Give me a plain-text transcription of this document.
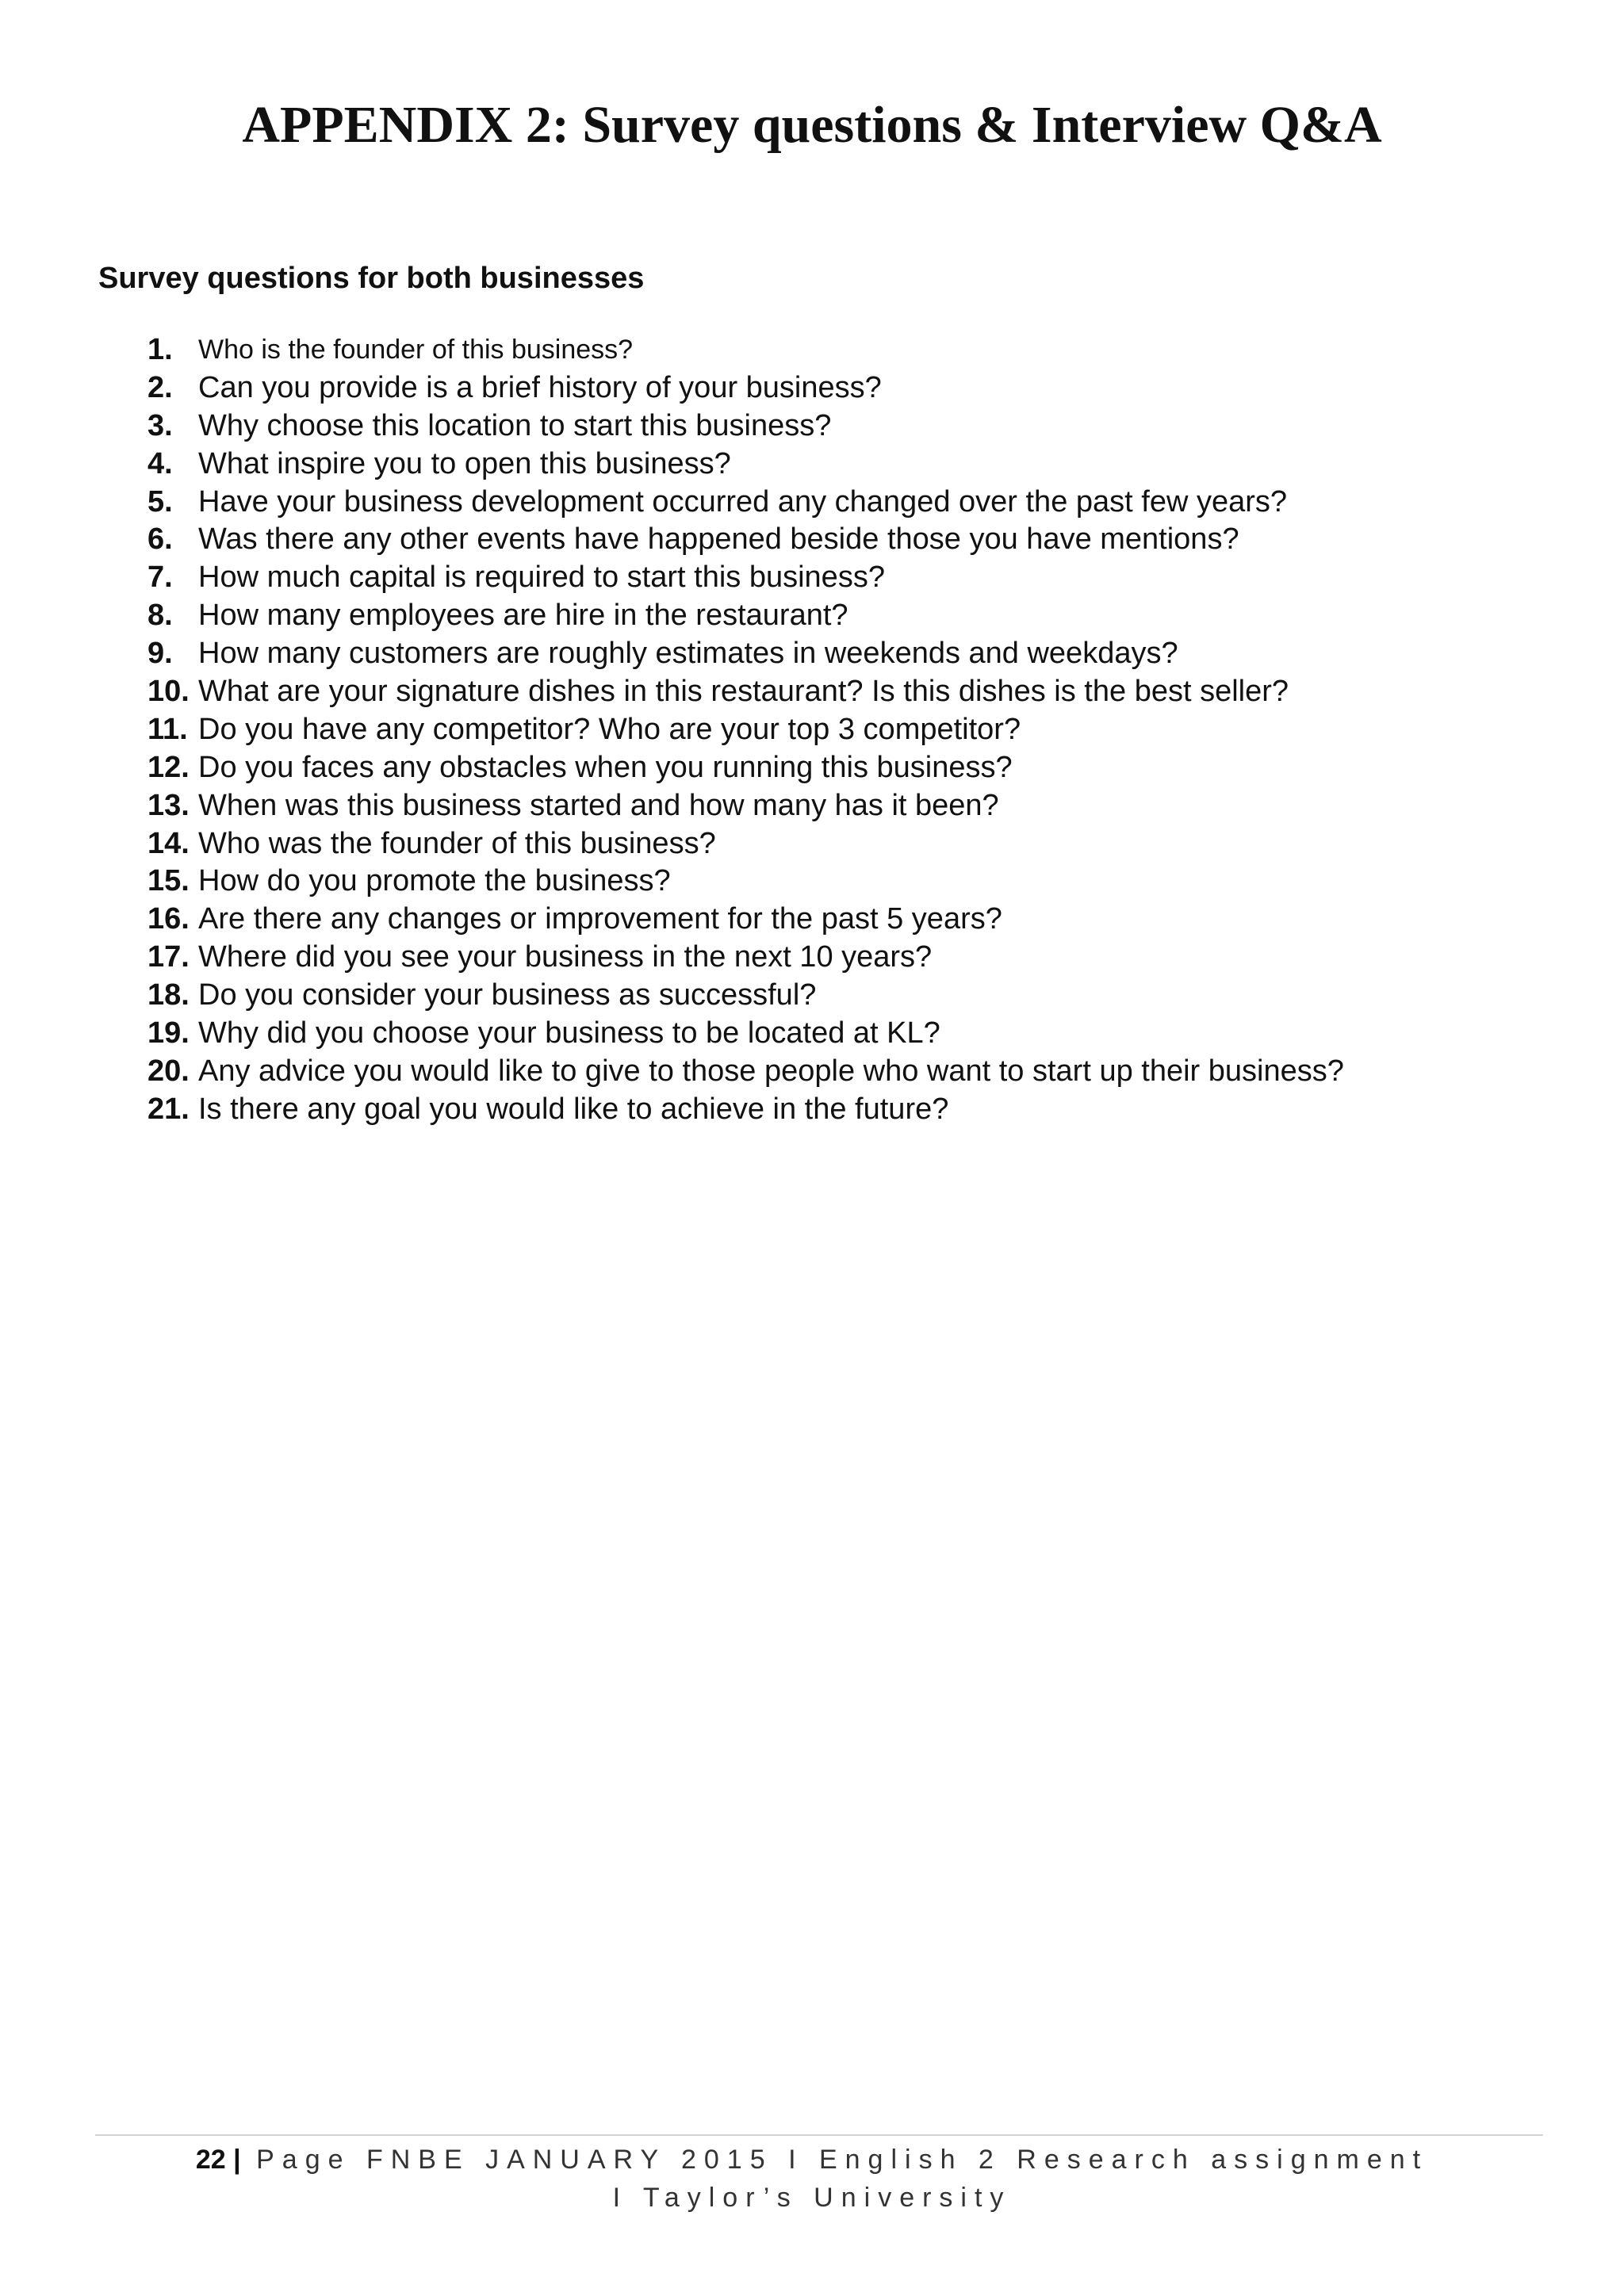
APPENDIX 2: Survey questions & Interview Q&A
Survey questions for both businesses
1. Who is the founder of this business?
2. Can you provide is a brief history of your business?
3. Why choose this location to start this business?
4. What inspire you to open this business?
5. Have your business development occurred any changed over the past few years?
6. Was there any other events have happened beside those you have mentions?
7. How much capital is required to start this business?
8. How many employees are hire in the restaurant?
9. How many customers are roughly estimates in weekends and weekdays?
10. What are your signature dishes in this restaurant? Is this dishes is the best seller?
11. Do you have any competitor? Who are your top 3 competitor?
12. Do you faces any obstacles when you running this business?
13. When was this business started and how many has it been?
14. Who was the founder of this business?
15. How do you promote the business?
16. Are there any changes or improvement for the past 5 years?
17. Where did you see your business in the next 10 years?
18. Do you consider your business as successful?
19. Why did you choose your business to be located at KL?
20. Any advice you would like to give to those people who want to start up their business?
21. Is there any goal you would like to achieve in the future?
22 | Page FNBE JANUARY 2015 I English 2 Research assignment
I Taylor’s University
